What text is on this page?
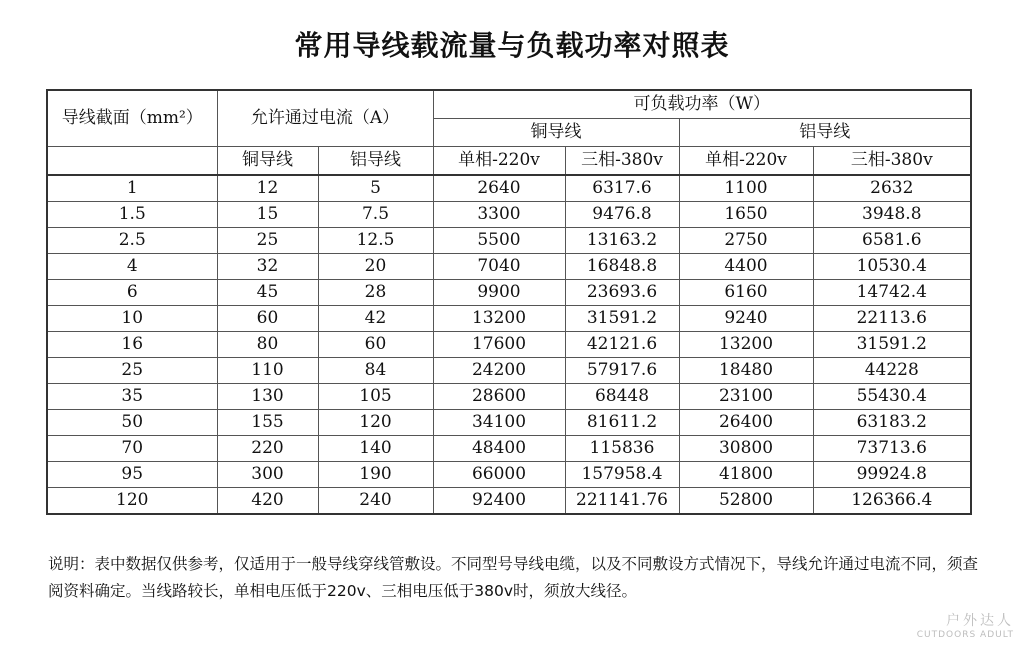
常用导线载流量与负载功率对照表
导线截面（mm²）	允许通过电流（A）		可负载功率（W）			
			铜导线		铝导线	
	铜导线	铝导线	单相-220v	三相-380v	单相-220v	三相-380v
1	12	5	2640	6317.6	1100	2632
1.5	15	7.5	3300	9476.8	1650	3948.8
2.5	25	12.5	5500	13163.2	2750	6581.6
4	32	20	7040	16848.8	4400	10530.4
6	45	28	9900	23693.6	6160	14742.4
10	60	42	13200	31591.2	9240	22113.6
16	80	60	17600	42121.6	13200	31591.2
25	110	84	24200	57917.6	18480	44228
35	130	105	28600	68448	23100	55430.4
50	155	120	34100	81611.2	26400	63183.2
70	220	140	48400	115836	30800	73713.6
95	300	190	66000	157958.4	41800	99924.8
120	420	240	92400	221141.76	52800	126366.4
说明：表中数据仅供参考，仅适用于一般导线穿线管敷设。不同型号导线电缆，以及不同敷设方式情况下，导线允许通过电流不同，须查阅资料确定。当线路较长，单相电压低于220v、三相电压低于380v时，须放大线径。
户外达人
CUTDOORS ADULT
